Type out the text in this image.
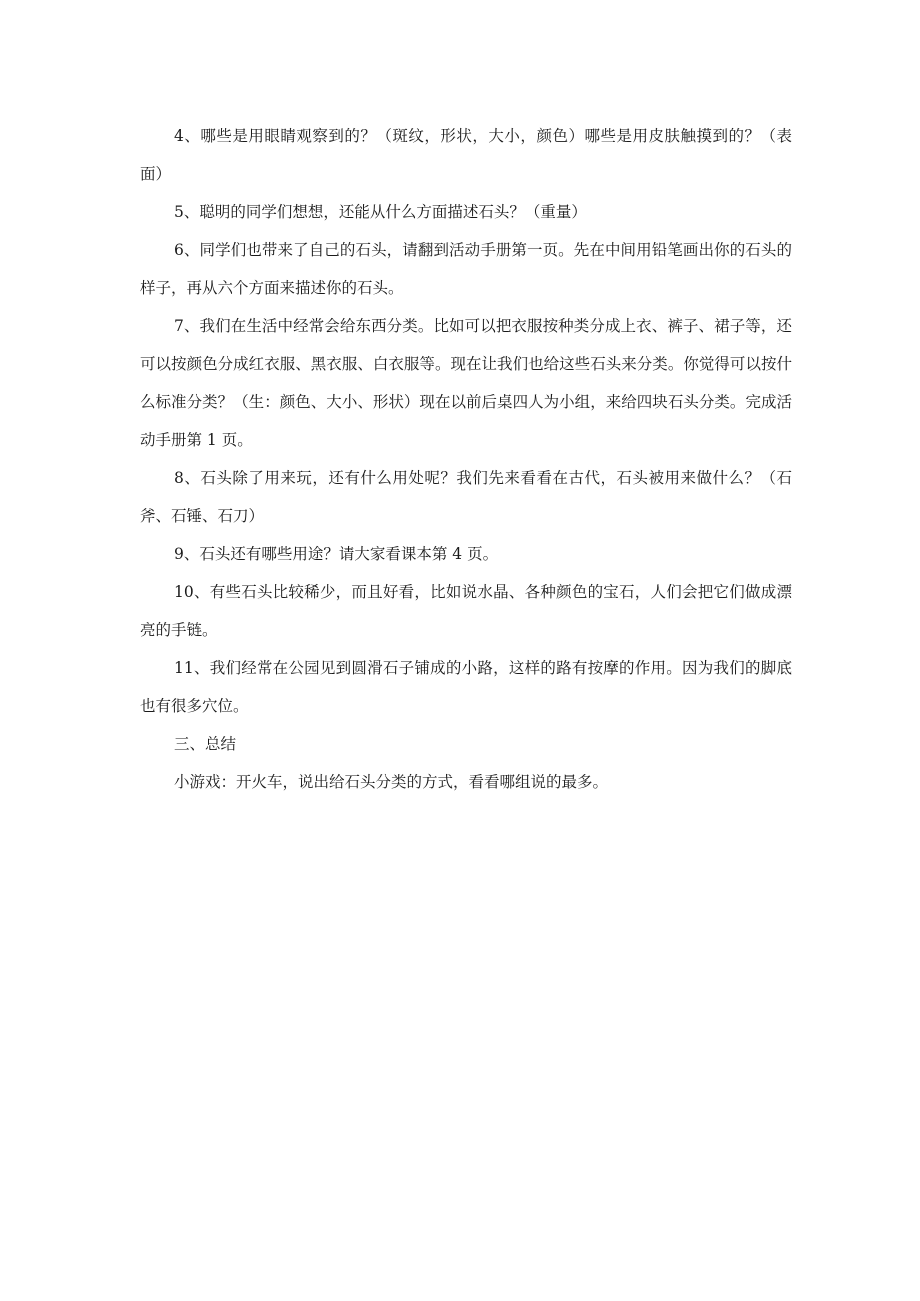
4、哪些是用眼睛观察到的？（斑纹，形状，大小，颜色）哪些是用皮肤触摸到的？（表面）

5、聪明的同学们想想，还能从什么方面描述石头？（重量）

6、同学们也带来了自己的石头，请翻到活动手册第一页。先在中间用铅笔画出你的石头的样子，再从六个方面来描述你的石头。

7、我们在生活中经常会给东西分类。比如可以把衣服按种类分成上衣、裤子、裙子等，还可以按颜色分成红衣服、黑衣服、白衣服等。现在让我们也给这些石头来分类。你觉得可以按什么标准分类？（生：颜色、大小、形状）现在以前后桌四人为小组，来给四块石头分类。完成活动手册第 1 页。

8、石头除了用来玩，还有什么用处呢？我们先来看看在古代，石头被用来做什么？（石斧、石锤、石刀）

9、石头还有哪些用途？请大家看课本第 4 页。

10、有些石头比较稀少，而且好看，比如说水晶、各种颜色的宝石，人们会把它们做成漂亮的手链。

11、我们经常在公园见到圆滑石子铺成的小路，这样的路有按摩的作用。因为我们的脚底也有很多穴位。

三、总结

小游戏：开火车，说出给石头分类的方式，看看哪组说的最多。
